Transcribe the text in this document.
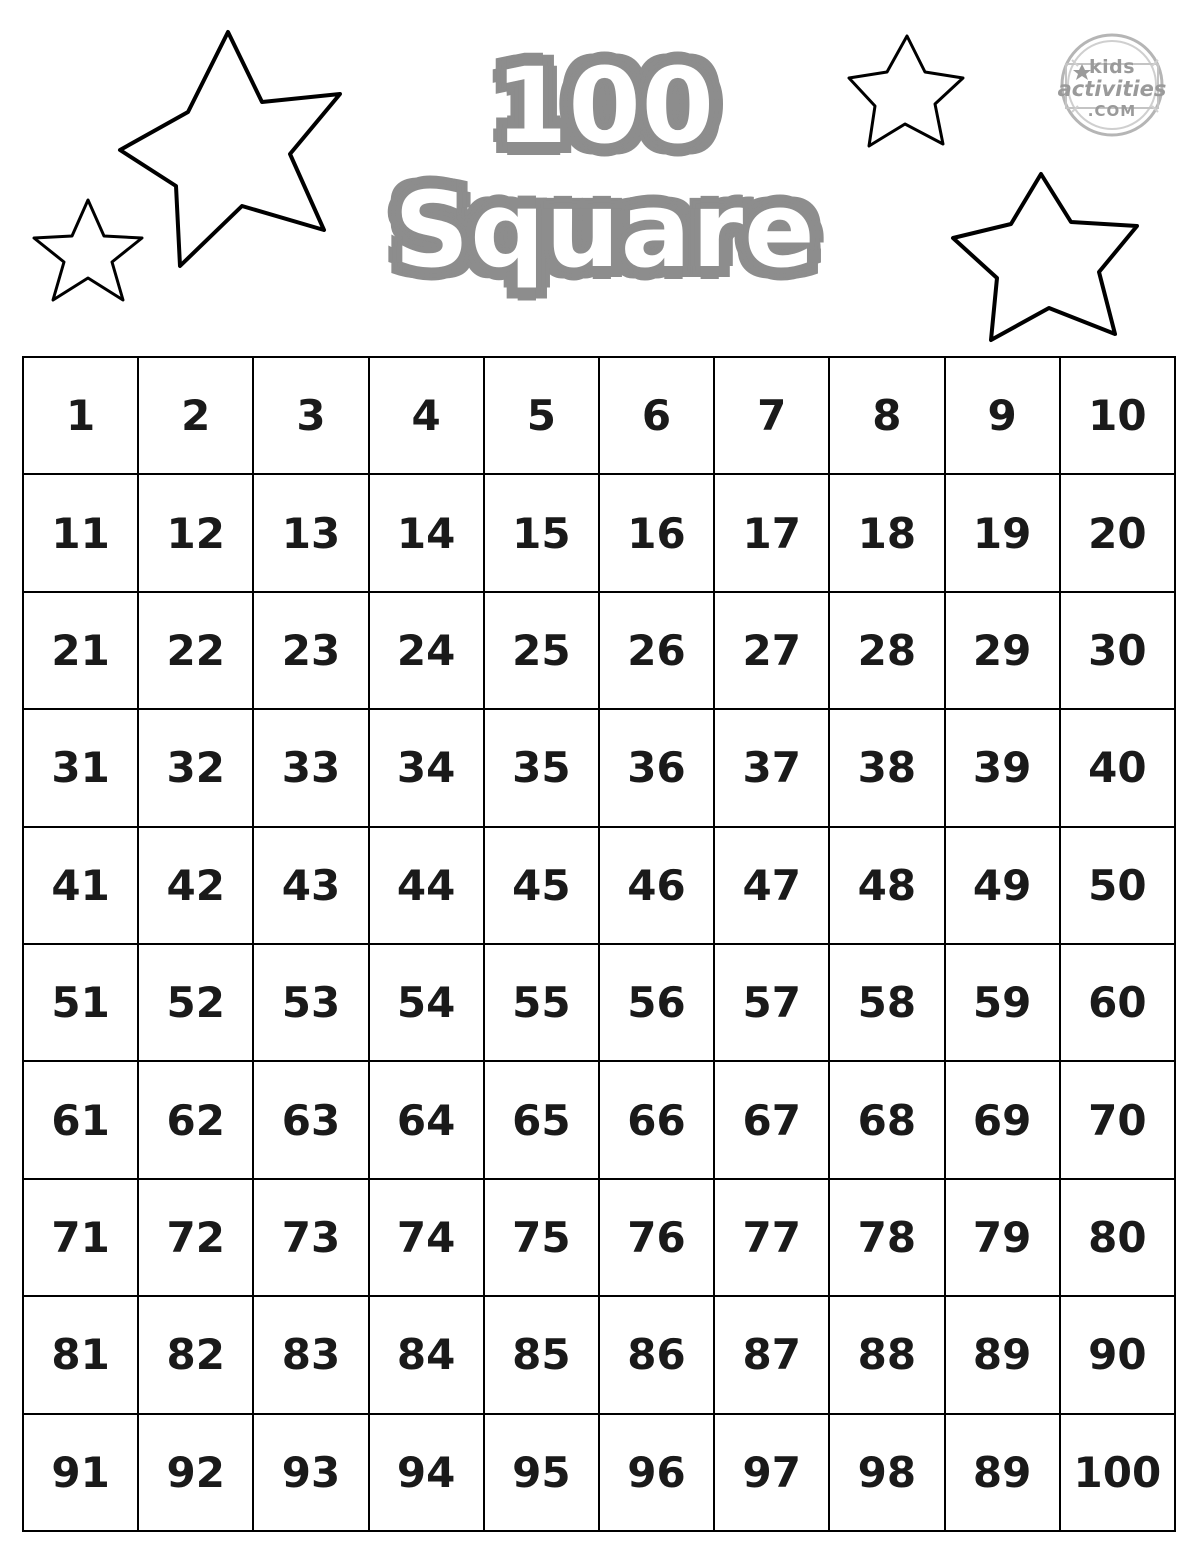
100
Square
kids
activities
.COM
1	2	3	4	5	6	7	8	9	10
11	12	13	14	15	16	17	18	19	20
21	22	23	24	25	26	27	28	29	30
31	32	33	34	35	36	37	38	39	40
41	42	43	44	45	46	47	48	49	50
51	52	53	54	55	56	57	58	59	60
61	62	63	64	65	66	67	68	69	70
71	72	73	74	75	76	77	78	79	80
81	82	83	84	85	86	87	88	89	90
91	92	93	94	95	96	97	98	89	100
